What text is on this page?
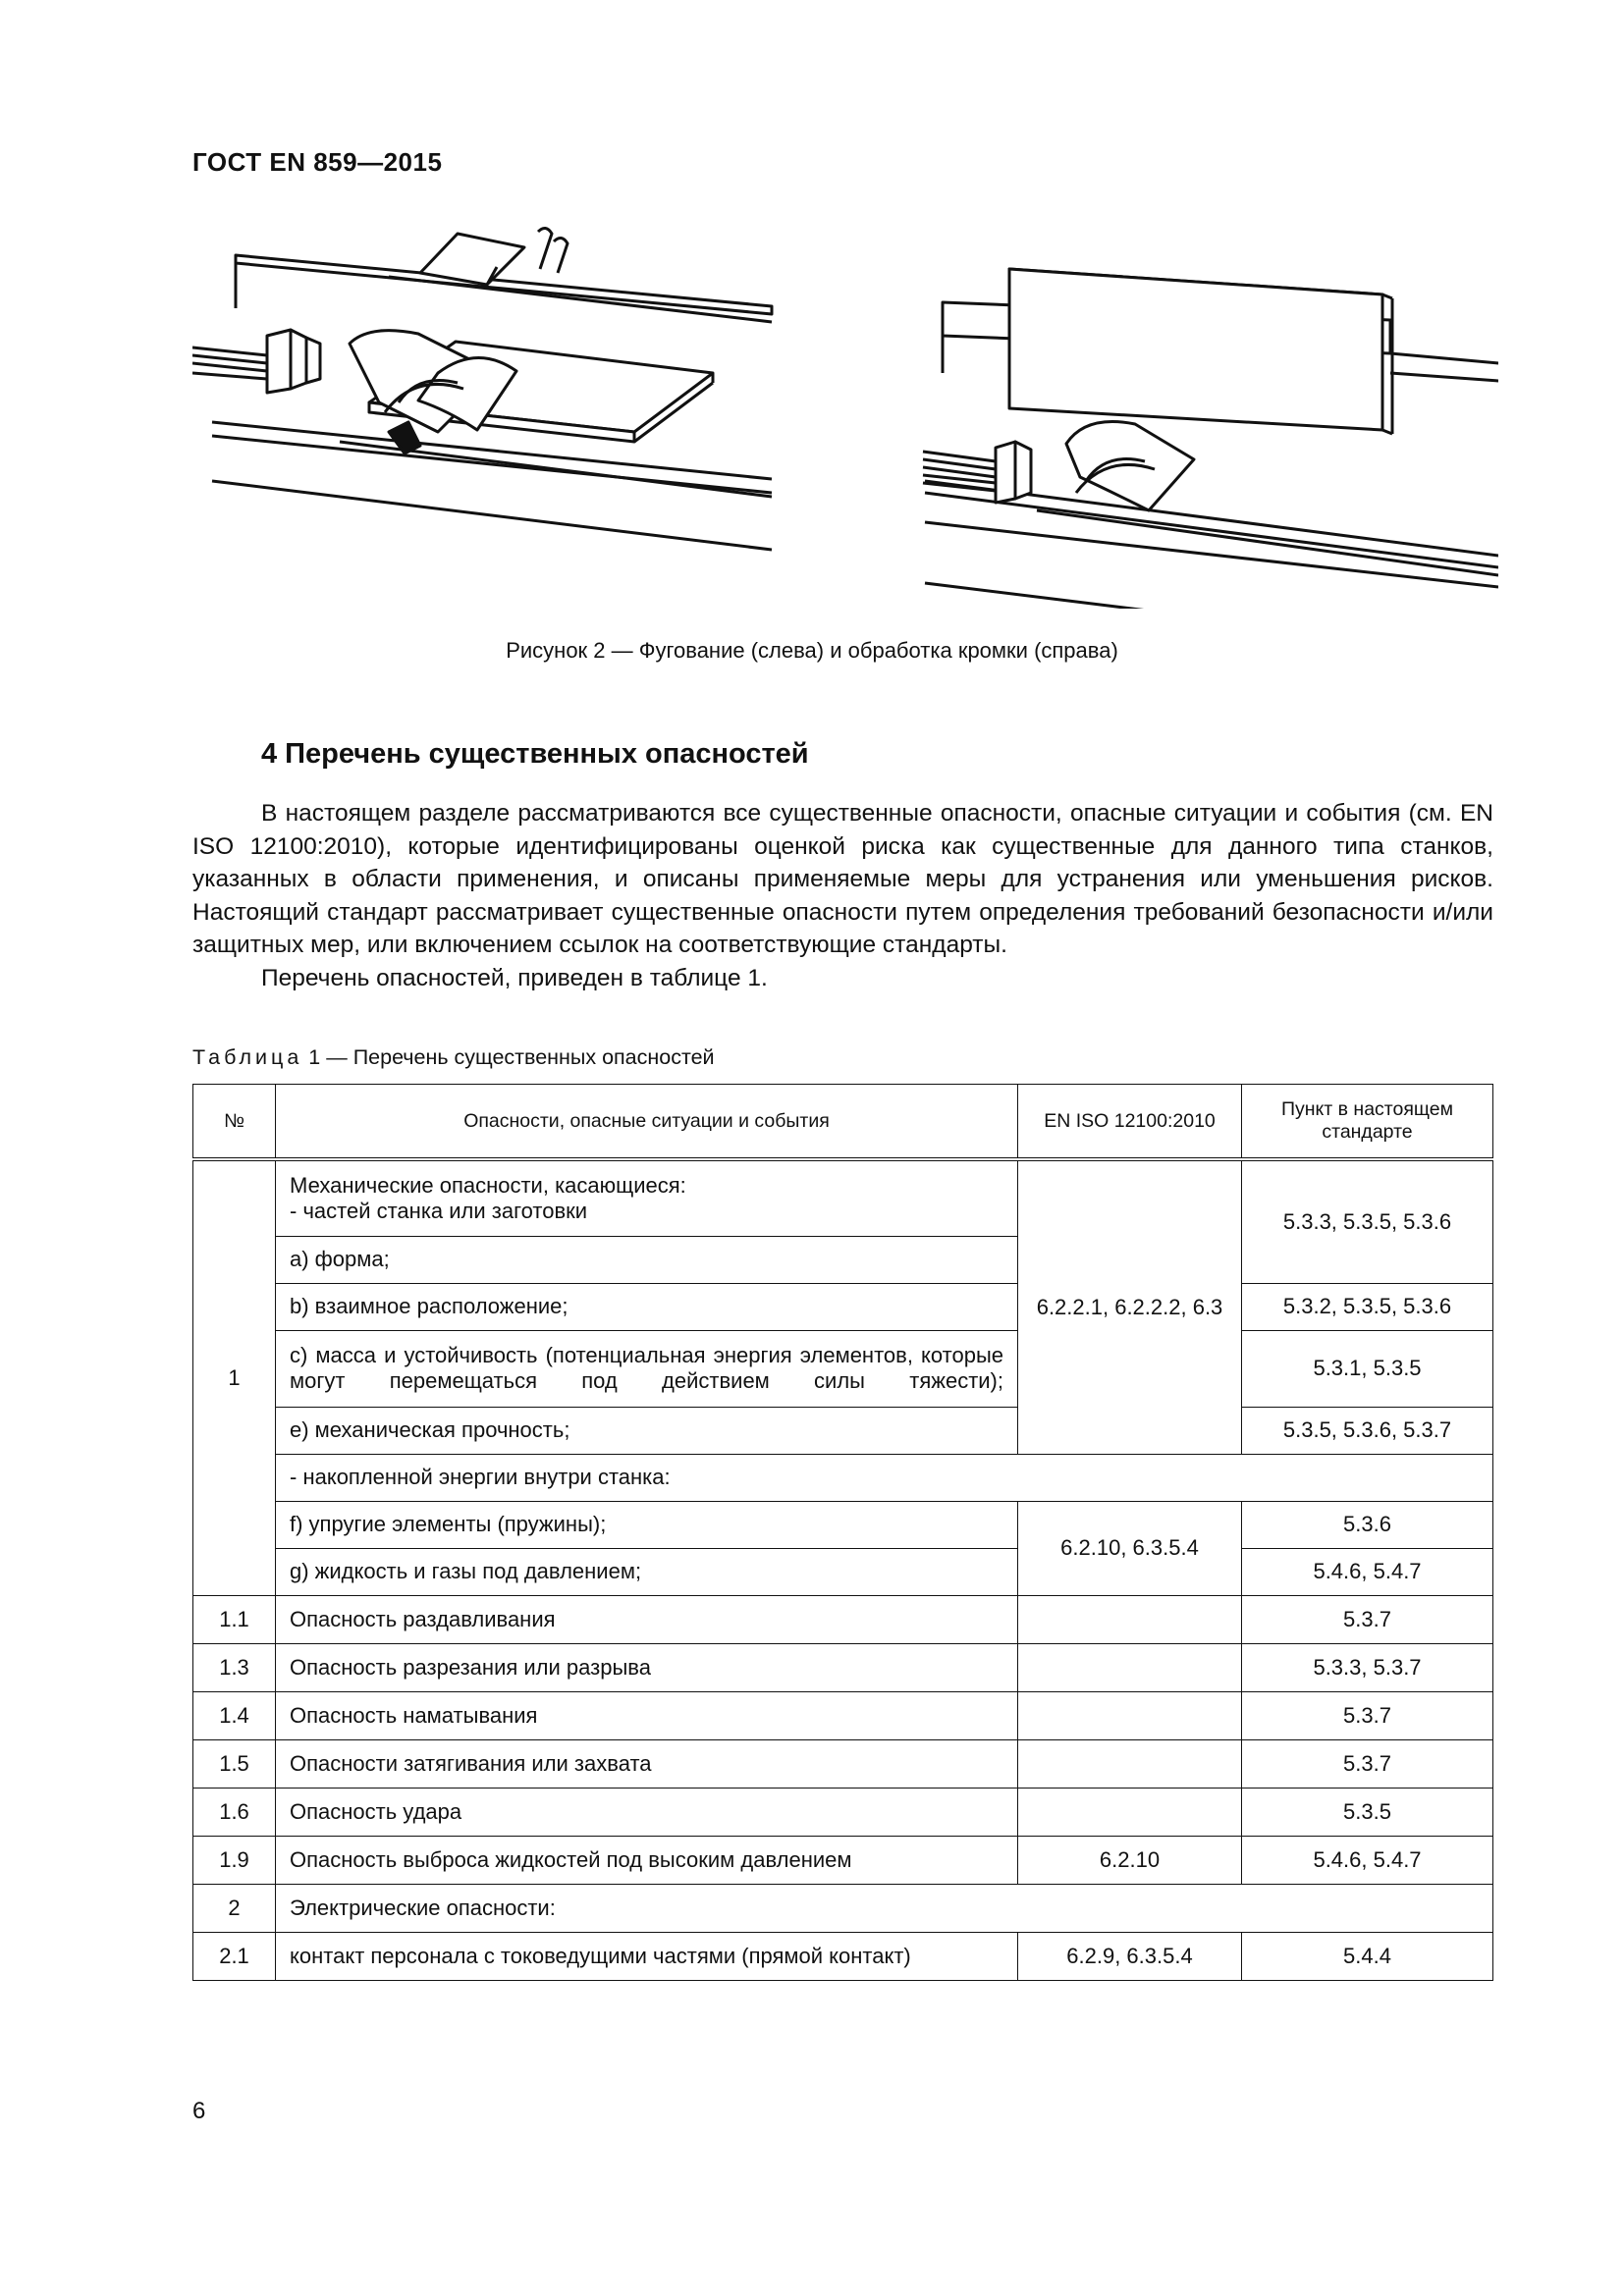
ГОСТ EN 859—2015
Рисунок 2 — Фугование (слева) и обработка кромки (справа)
4 Перечень существенных опасностей

В настоящем разделе рассматриваются все существенные опасности, опасные ситуации и события (см. EN ISO 12100:2010), которые идентифицированы оценкой риска как существенные для данного типа станков, указанных в области применения, и описаны применяемые меры для устранения или уменьшения рисков. Настоящий стандарт рассматривает существенные опасности путем определения требований безопасности и/или защитных мер, или включением ссылок на соответствующие стандарты.

Перечень опасностей, приведен в таблице 1.

Таблица 1 — Перечень существенных опасностей
№	Опасности, опасные ситуации и события	EN ISO 12100:2010	Пункт в настоящем стандарте
1	Механические опасности, касающиеся:
- частей станка или заготовки	6.2.2.1, 6.2.2.2, 6.3	5.3.3, 5.3.5, 5.3.6
	a) форма;		
	b) взаимное расположение;		5.3.2, 5.3.5, 5.3.6
	c) масса и устойчивость (потенциальная энергия элементов, которые могут перемещаться под действием силы тяжести);		5.3.1, 5.3.5
	e) механическая прочность;		5.3.5, 5.3.6, 5.3.7
	- накопленной энергии внутри станка:		
	f) упругие элементы (пружины);	6.2.10, 6.3.5.4	5.3.6
	g) жидкость и газы под давлением;		5.4.6, 5.4.7
1.1	Опасность раздавливания		5.3.7
1.3	Опасность разрезания или разрыва		5.3.3, 5.3.7
1.4	Опасность наматывания		5.3.7
1.5	Опасности затягивания или захвата		5.3.7
1.6	Опасность удара		5.3.5
1.9	Опасность выброса жидкостей под высоким давлением	6.2.10	5.4.6, 5.4.7
2	Электрические опасности:		
2.1	контакт персонала с токоведущими частями (прямой контакт)	6.2.9, 6.3.5.4	5.4.4
6
